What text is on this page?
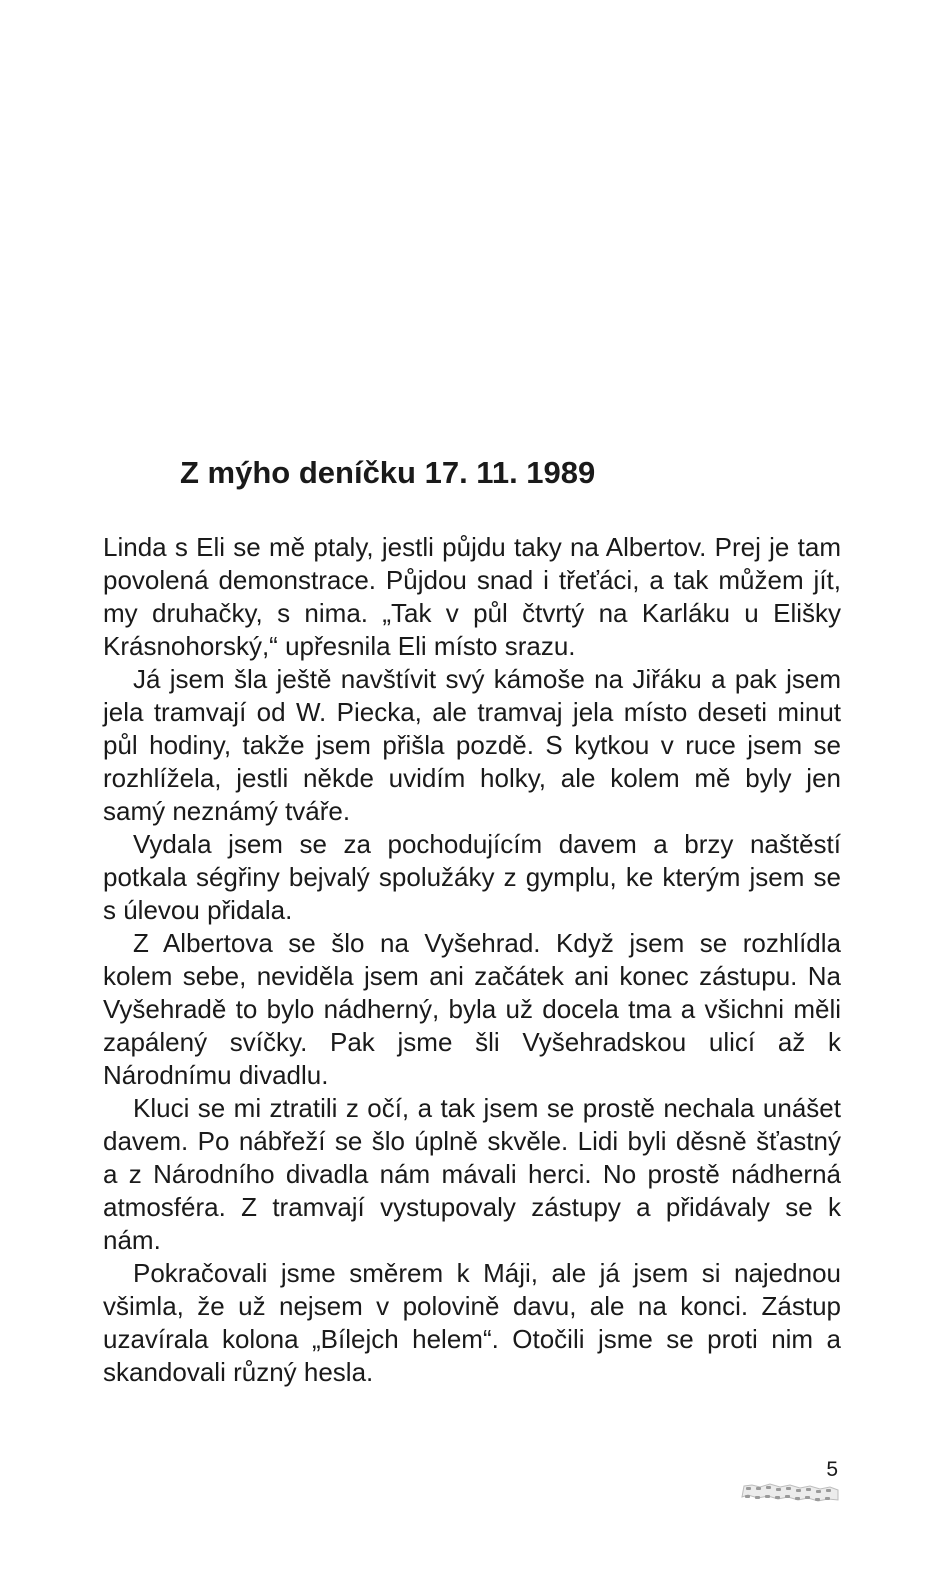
Z mýho deníčku 17. 11. 1989

Linda s Eli se mě ptaly, jestli půjdu taky na Albertov. Prej je tam povolená demonstrace. Půjdou snad i třeťáci, a tak můžem jít, my druhačky, s nima. „Tak v půl čtvrtý na Karláku u Elišky Krásnohorský,“ upřesnila Eli místo srazu.

Já jsem šla ještě navštívit svý kámoše na Jiřáku a pak jsem jela tramvají od W. Piecka, ale tramvaj jela místo deseti minut půl hodiny, takže jsem přišla pozdě. S kytkou v ruce jsem se rozhlížela, jestli někde uvidím holky, ale kolem mě byly jen samý neznámý tváře.

Vydala jsem se za pochodujícím davem a brzy naštěstí potkala ségřiny bejvalý spolužáky z gymplu, ke kterým jsem se s úlevou přidala.

Z Albertova se šlo na Vyšehrad. Když jsem se rozhlídla kolem sebe, neviděla jsem ani začátek ani konec zástupu. Na Vyšehradě to bylo nádherný, byla už docela tma a všichni měli zapálený svíčky. Pak jsme šli Vyšehradskou ulicí až k Národnímu divadlu.

Kluci se mi ztratili z očí, a tak jsem se prostě nechala unášet davem. Po nábřeží se šlo úplně skvěle. Lidi byli děsně šťastný a z Národního divadla nám mávali herci. No prostě nádherná atmosféra. Z tramvají vystupovaly zástupy a přidávaly se k nám.

Pokračovali jsme směrem k Máji, ale já jsem si najednou všimla, že už nejsem v polovině davu, ale na konci. Zástup uzavírala kolona „Bílejch helem“. Otočili jsme se proti nim a skandovali různý hesla.

5
